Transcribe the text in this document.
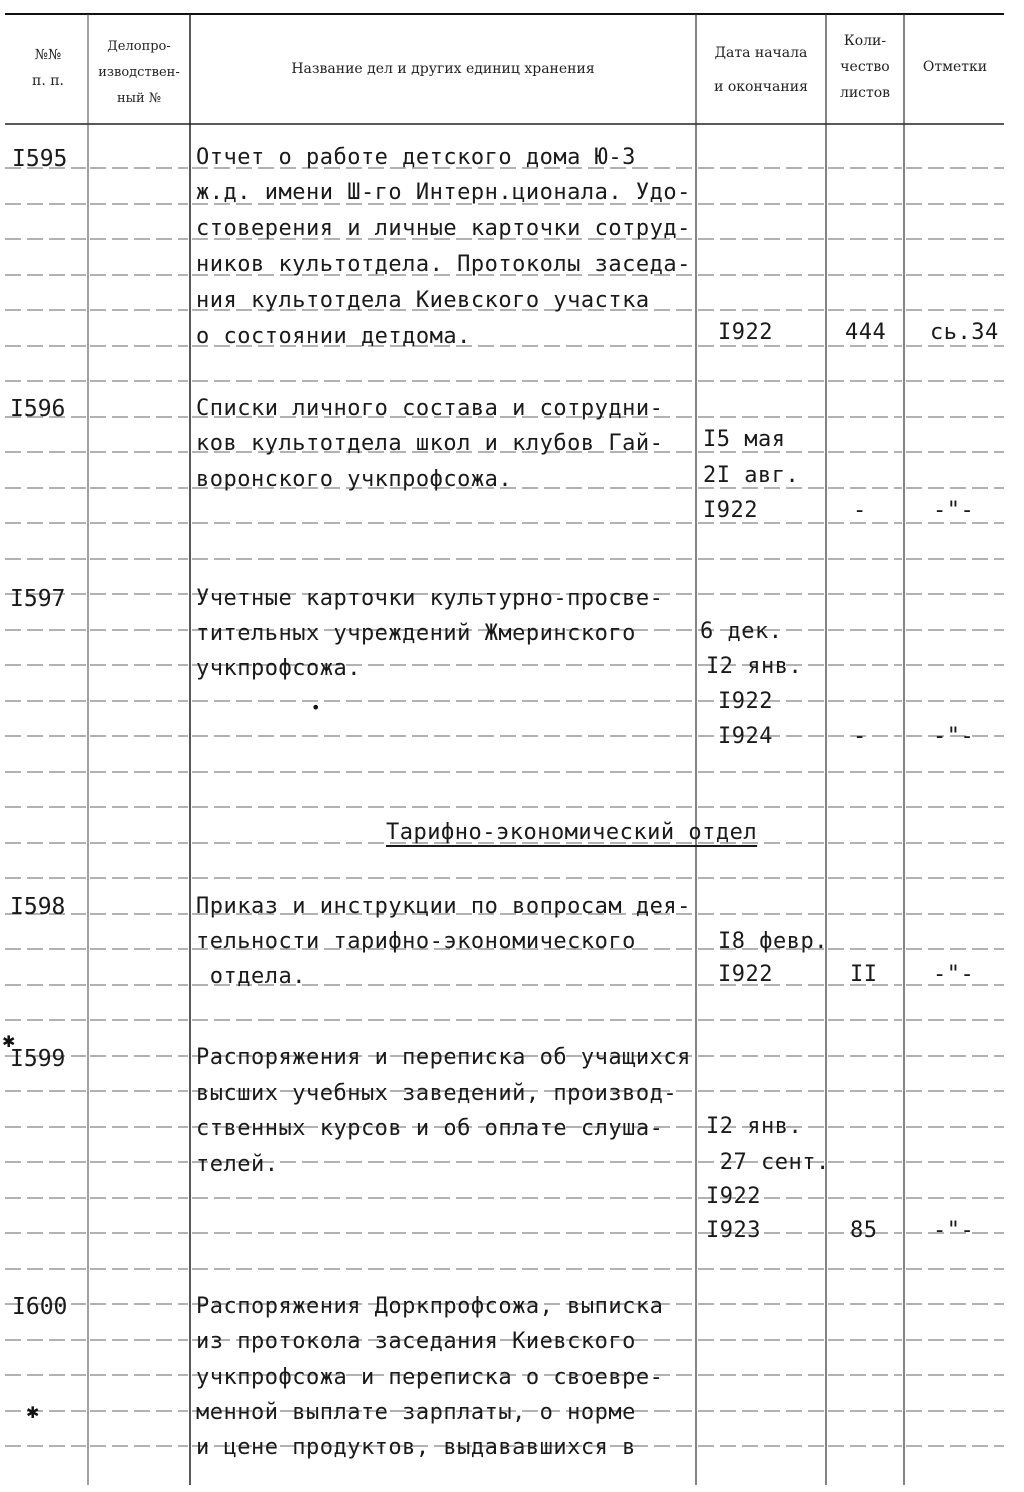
№№
п. п.
Делопро-
изводствен-
ный №
Название дел и других единиц хранения
Дата начала
и окончания
Коли-
чество
листов
Отметки
I595	Отчет о работе детского дома Ю-З
ж.д. имени Ш-го Интерн.ционала. Удо-
стоверения и личные карточки сотруд-
ников культотдела. Протоколы заседа-
ния культотдела Киевского участка
о состоянии детдома.	I922	444 сь.34
I596	Списки личного состава и сотрудни-
ков культотдела школ и клубов Гай-
воронского учкпрофсожа.
I5 мая
2I авг.
I922	-	-"-
I597	Учетные карточки культурно-просве-
тительных учреждений Жмеринского
учкпрофсожа.
6 дек.
I2 янв.
I922
I924	-	-"-
•
Тарифно-экономический отдел
I598	Приказ и инструкции по вопросам дея-
тельности тарифно-экономического
отдела.
I8 февр.
I922	II	-"-
✱
I599	Распоряжения и переписка об учащихся
высших учебных заведений, производ-
ственных курсов и об оплате слуша-
телей.
I2 янв.
27 сент.
I922
I923	85	-"-
I600	Распоряжения Доркпрофсожа, выписка
из протокола заседания Киевского
учкпрофсожа и переписка о своевре-
менной выплате зарплаты, о норме
и цене продуктов, выдававшихся в
✱
